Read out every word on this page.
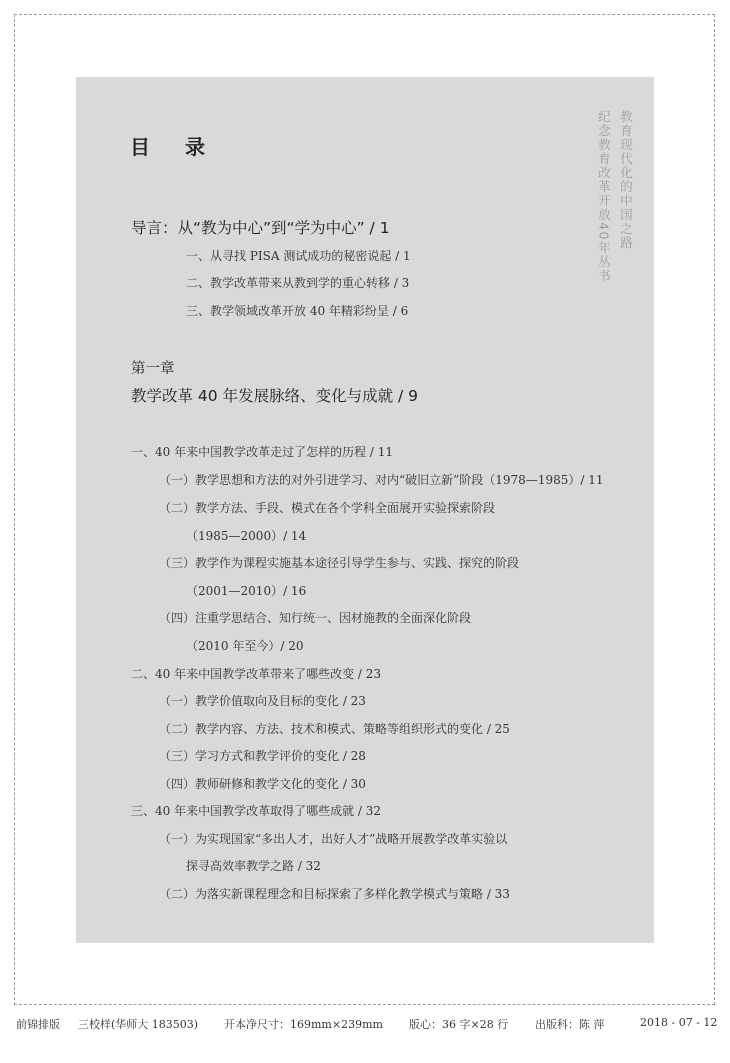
目 录	教育现代化的中国之路
纪念教育改革开放40年丛书
导言：从“教为中心”到“学为中心” / 1
一、从寻找 PISA 测试成功的秘密说起 / 1
二、教学改革带来从教到学的重心转移 / 3
三、教学领域改革开放 40 年精彩纷呈 / 6
第一章
教学改革 40 年发展脉络、变化与成就 / 9
一、40 年来中国教学改革走过了怎样的历程 / 11
（一）教学思想和方法的对外引进学习、对内“破旧立新”阶段（1978—1985）/ 11
（二）教学方法、手段、模式在各个学科全面展开实验探索阶段
（1985—2000）/ 14
（三）教学作为课程实施基本途径引导学生参与、实践、探究的阶段
（2001—2010）/ 16
（四）注重学思结合、知行统一、因材施教的全面深化阶段
（2010 年至今）/ 20
二、40 年来中国教学改革带来了哪些改变 / 23
（一）教学价值取向及目标的变化 / 23
（二）教学内容、方法、技术和模式、策略等组织形式的变化 / 25
（三）学习方式和教学评价的变化 / 28
（四）教师研修和教学文化的变化 / 30
三、40 年来中国教学改革取得了哪些成就 / 32
（一）为实现国家“多出人才，出好人才”战略开展教学改革实验以
探寻高效率教学之路 / 32
（二）为落实新课程理念和目标探索了多样化教学模式与策略 / 33
前锦排版 三校样(华师大 183503) 开本净尺寸：169mm×239mm 版心：36 字×28 行 出版科：陈 萍	2018 - 07 - 12
